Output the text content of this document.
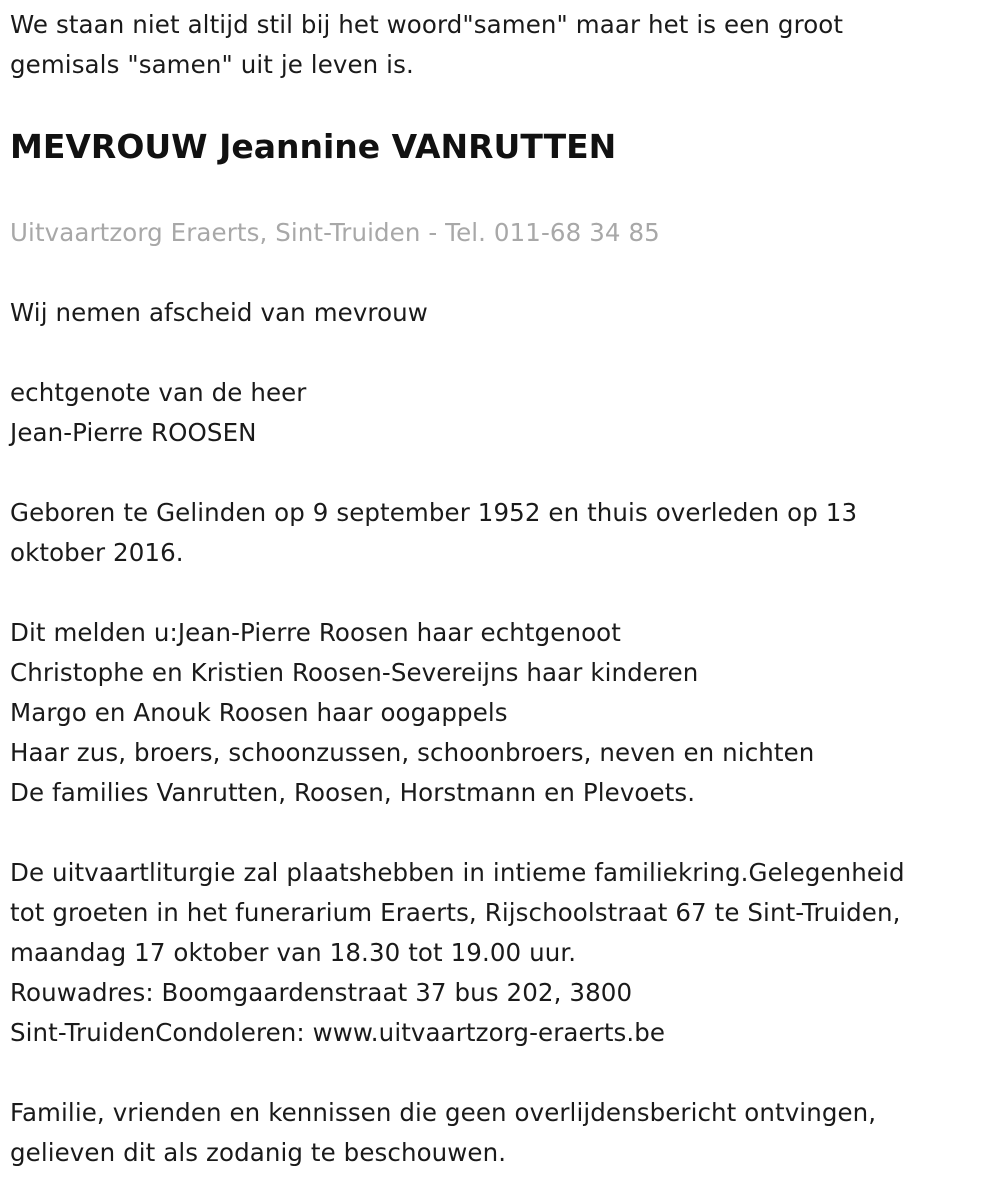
We staan niet altijd stil bij het woord"samen" maar het is een groot
gemisals "samen" uit je leven is.
MEVROUW Jeannine VANRUTTEN
Uitvaartzorg Eraerts, Sint-Truiden - Tel. 011-68 34 85
Wij nemen afscheid van mevrouw
echtgenote van de heer
Jean-Pierre ROOSEN
Geboren te Gelinden op 9 september 1952 en thuis overleden op 13
oktober 2016.
Dit melden u:Jean-Pierre Roosen haar echtgenoot
Christophe en Kristien Roosen-Severeijns haar kinderen
Margo en Anouk Roosen haar oogappels
Haar zus, broers, schoonzussen, schoonbroers, neven en nichten
De families Vanrutten, Roosen, Horstmann en Plevoets.
De uitvaartliturgie zal plaatshebben in intieme familiekring.Gelegenheid
tot groeten in het funerarium Eraerts, Rijschoolstraat 67 te Sint-Truiden,
maandag 17 oktober van 18.30 tot 19.00 uur.
Rouwadres: Boomgaardenstraat 37 bus 202, 3800
Sint-TruidenCondoleren: www.uitvaartzorg-eraerts.be
Familie, vrienden en kennissen die geen overlijdensbericht ontvingen,
gelieven dit als zodanig te beschouwen.
